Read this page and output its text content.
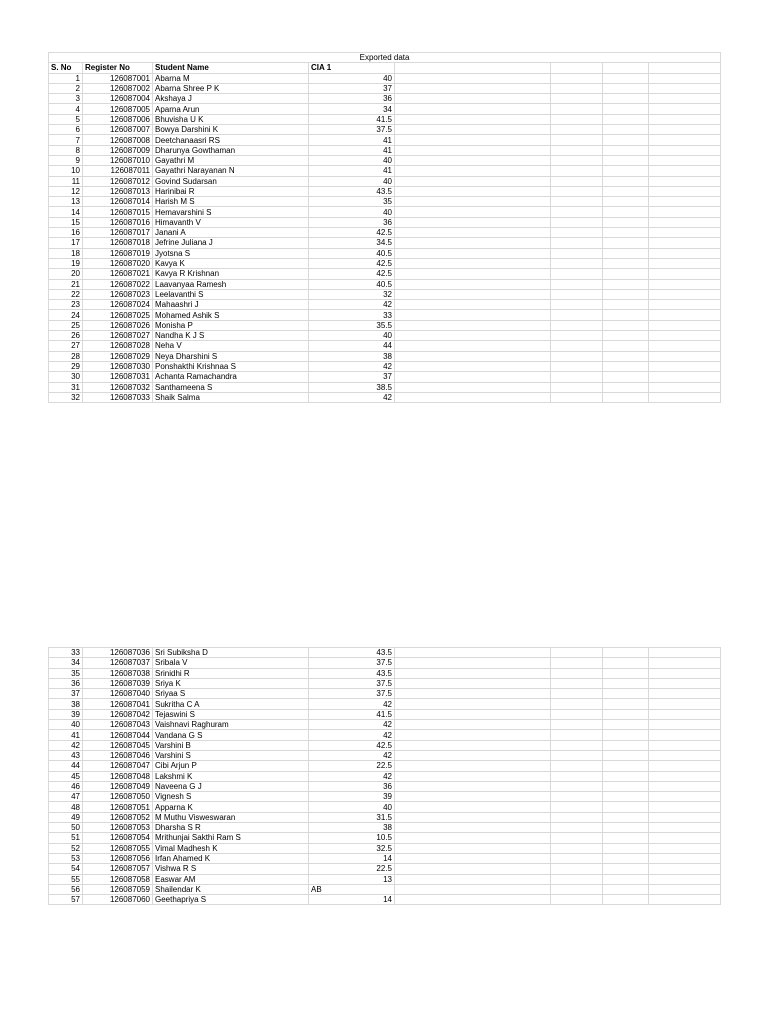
Exported data							
S. No	Register No	Student Name	CIA 1				
1	126087001	Abarna M	40				
2	126087002	Abarna Shree P K	37				
3	126087004	Akshaya J	36				
4	126087005	Aparna Arun	34				
5	126087006	Bhuvisha U K	41.5				
6	126087007	Bowya Darshini K	37.5				
7	126087008	Deetchanaasri RS	41				
8	126087009	Dharunya Gowthaman	41				
9	126087010	Gayathri M	40				
10	126087011	Gayathri Narayanan N	41				
11	126087012	Govind Sudarsan	40				
12	126087013	Harinibai R	43.5				
13	126087014	Harish M S	35				
14	126087015	Hemavarshini S	40				
15	126087016	Himavanth V	36				
16	126087017	Janani A	42.5				
17	126087018	Jefrine Juliana J	34.5				
18	126087019	Jyotsna S	40.5				
19	126087020	Kavya K	42.5				
20	126087021	Kavya R Krishnan	42.5				
21	126087022	Laavanyaa Ramesh	40.5				
22	126087023	Leelavanthi S	32				
23	126087024	Mahaashri J	42				
24	126087025	Mohamed Ashik S	33				
25	126087026	Monisha P	35.5				
26	126087027	Nandha K J S	40				
27	126087028	Neha V	44				
28	126087029	Neya Dharshini S	38				
29	126087030	Ponshakthi Krishnaa S	42				
30	126087031	Achanta Ramachandra	37				
31	126087032	Santhameena S	38.5				
32	126087033	Shaik Salma	42				
33	126087036	Sri Subiksha D	43.5				
34	126087037	Sribala V	37.5				
35	126087038	Srinidhi R	43.5				
36	126087039	Sriya K	37.5				
37	126087040	Sriyaa S	37.5				
38	126087041	Sukritha C A	42				
39	126087042	Tejaswini S	41.5				
40	126087043	Vaishnavi Raghuram	42				
41	126087044	Vandana G S	42				
42	126087045	Varshini B	42.5				
43	126087046	Varshini S	42				
44	126087047	Cibi Arjun P	22.5				
45	126087048	Lakshmi K	42				
46	126087049	Naveena G J	36				
47	126087050	Vignesh S	39				
48	126087051	Apparna K	40				
49	126087052	M Muthu Visweswaran	31.5				
50	126087053	Dharsha S R	38				
51	126087054	Mrithunjai Sakthi Ram S	10.5				
52	126087055	Vimal Madhesh K	32.5				
53	126087056	Irfan Ahamed K	14				
54	126087057	Vishwa R S	22.5				
55	126087058	Easwar AM	13				
56	126087059	Shailendar K	AB				
57	126087060	Geethapriya S	14				
